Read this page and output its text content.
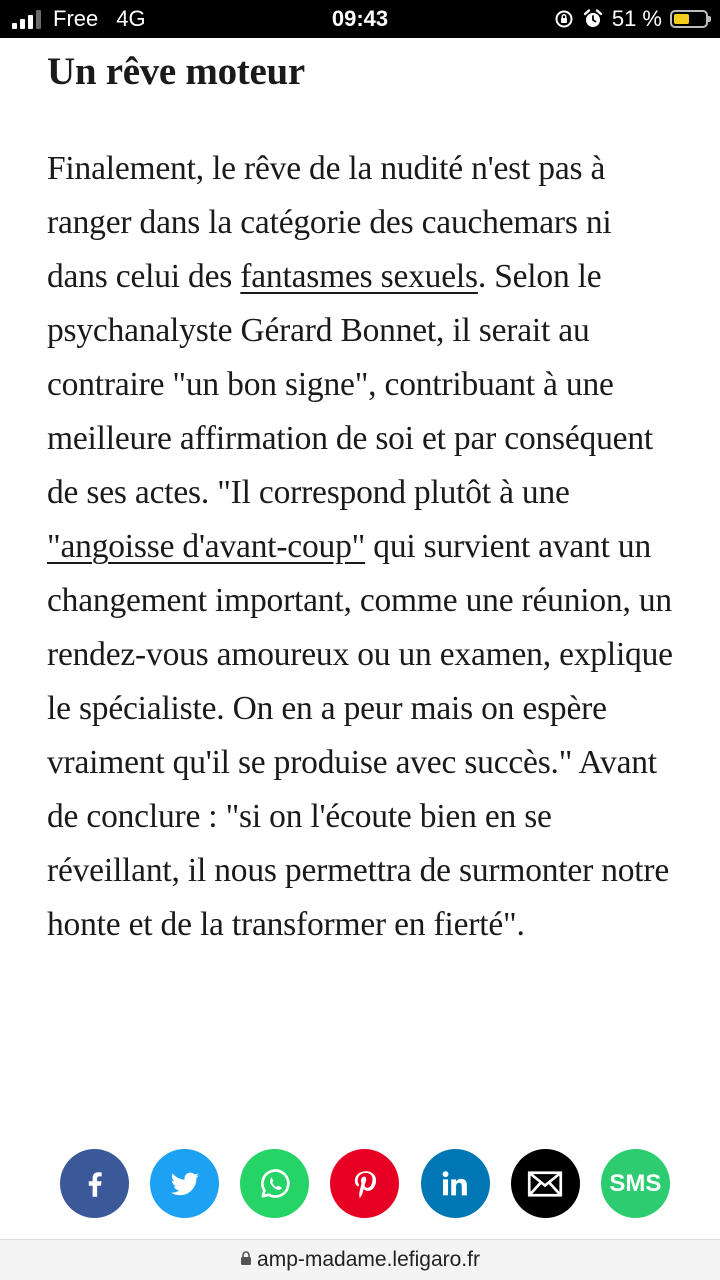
Free 4G	09:43	51 %
Un rêve moteur

Finalement, le rêve de la nudité n'est pas à ranger dans la catégorie des cauchemars ni dans celui des fantasmes sexuels. Selon le psychanalyste Gérard Bonnet, il serait au contraire "un bon signe", contribuant à une meilleure affirmation de soi et par conséquent de ses actes. "Il correspond plutôt à une "angoisse d'avant-coup" qui survient avant un changement important, comme une réunion, un rendez-vous amoureux ou un examen, explique le spécialiste. On en a peur mais on espère vraiment qu'il se produise avec succès." Avant de conclure : "si on l'écoute bien en se réveillant, il nous permettra de surmonter notre honte et de la transformer en fierté".

SMS
amp-madame.lefigaro.fr
